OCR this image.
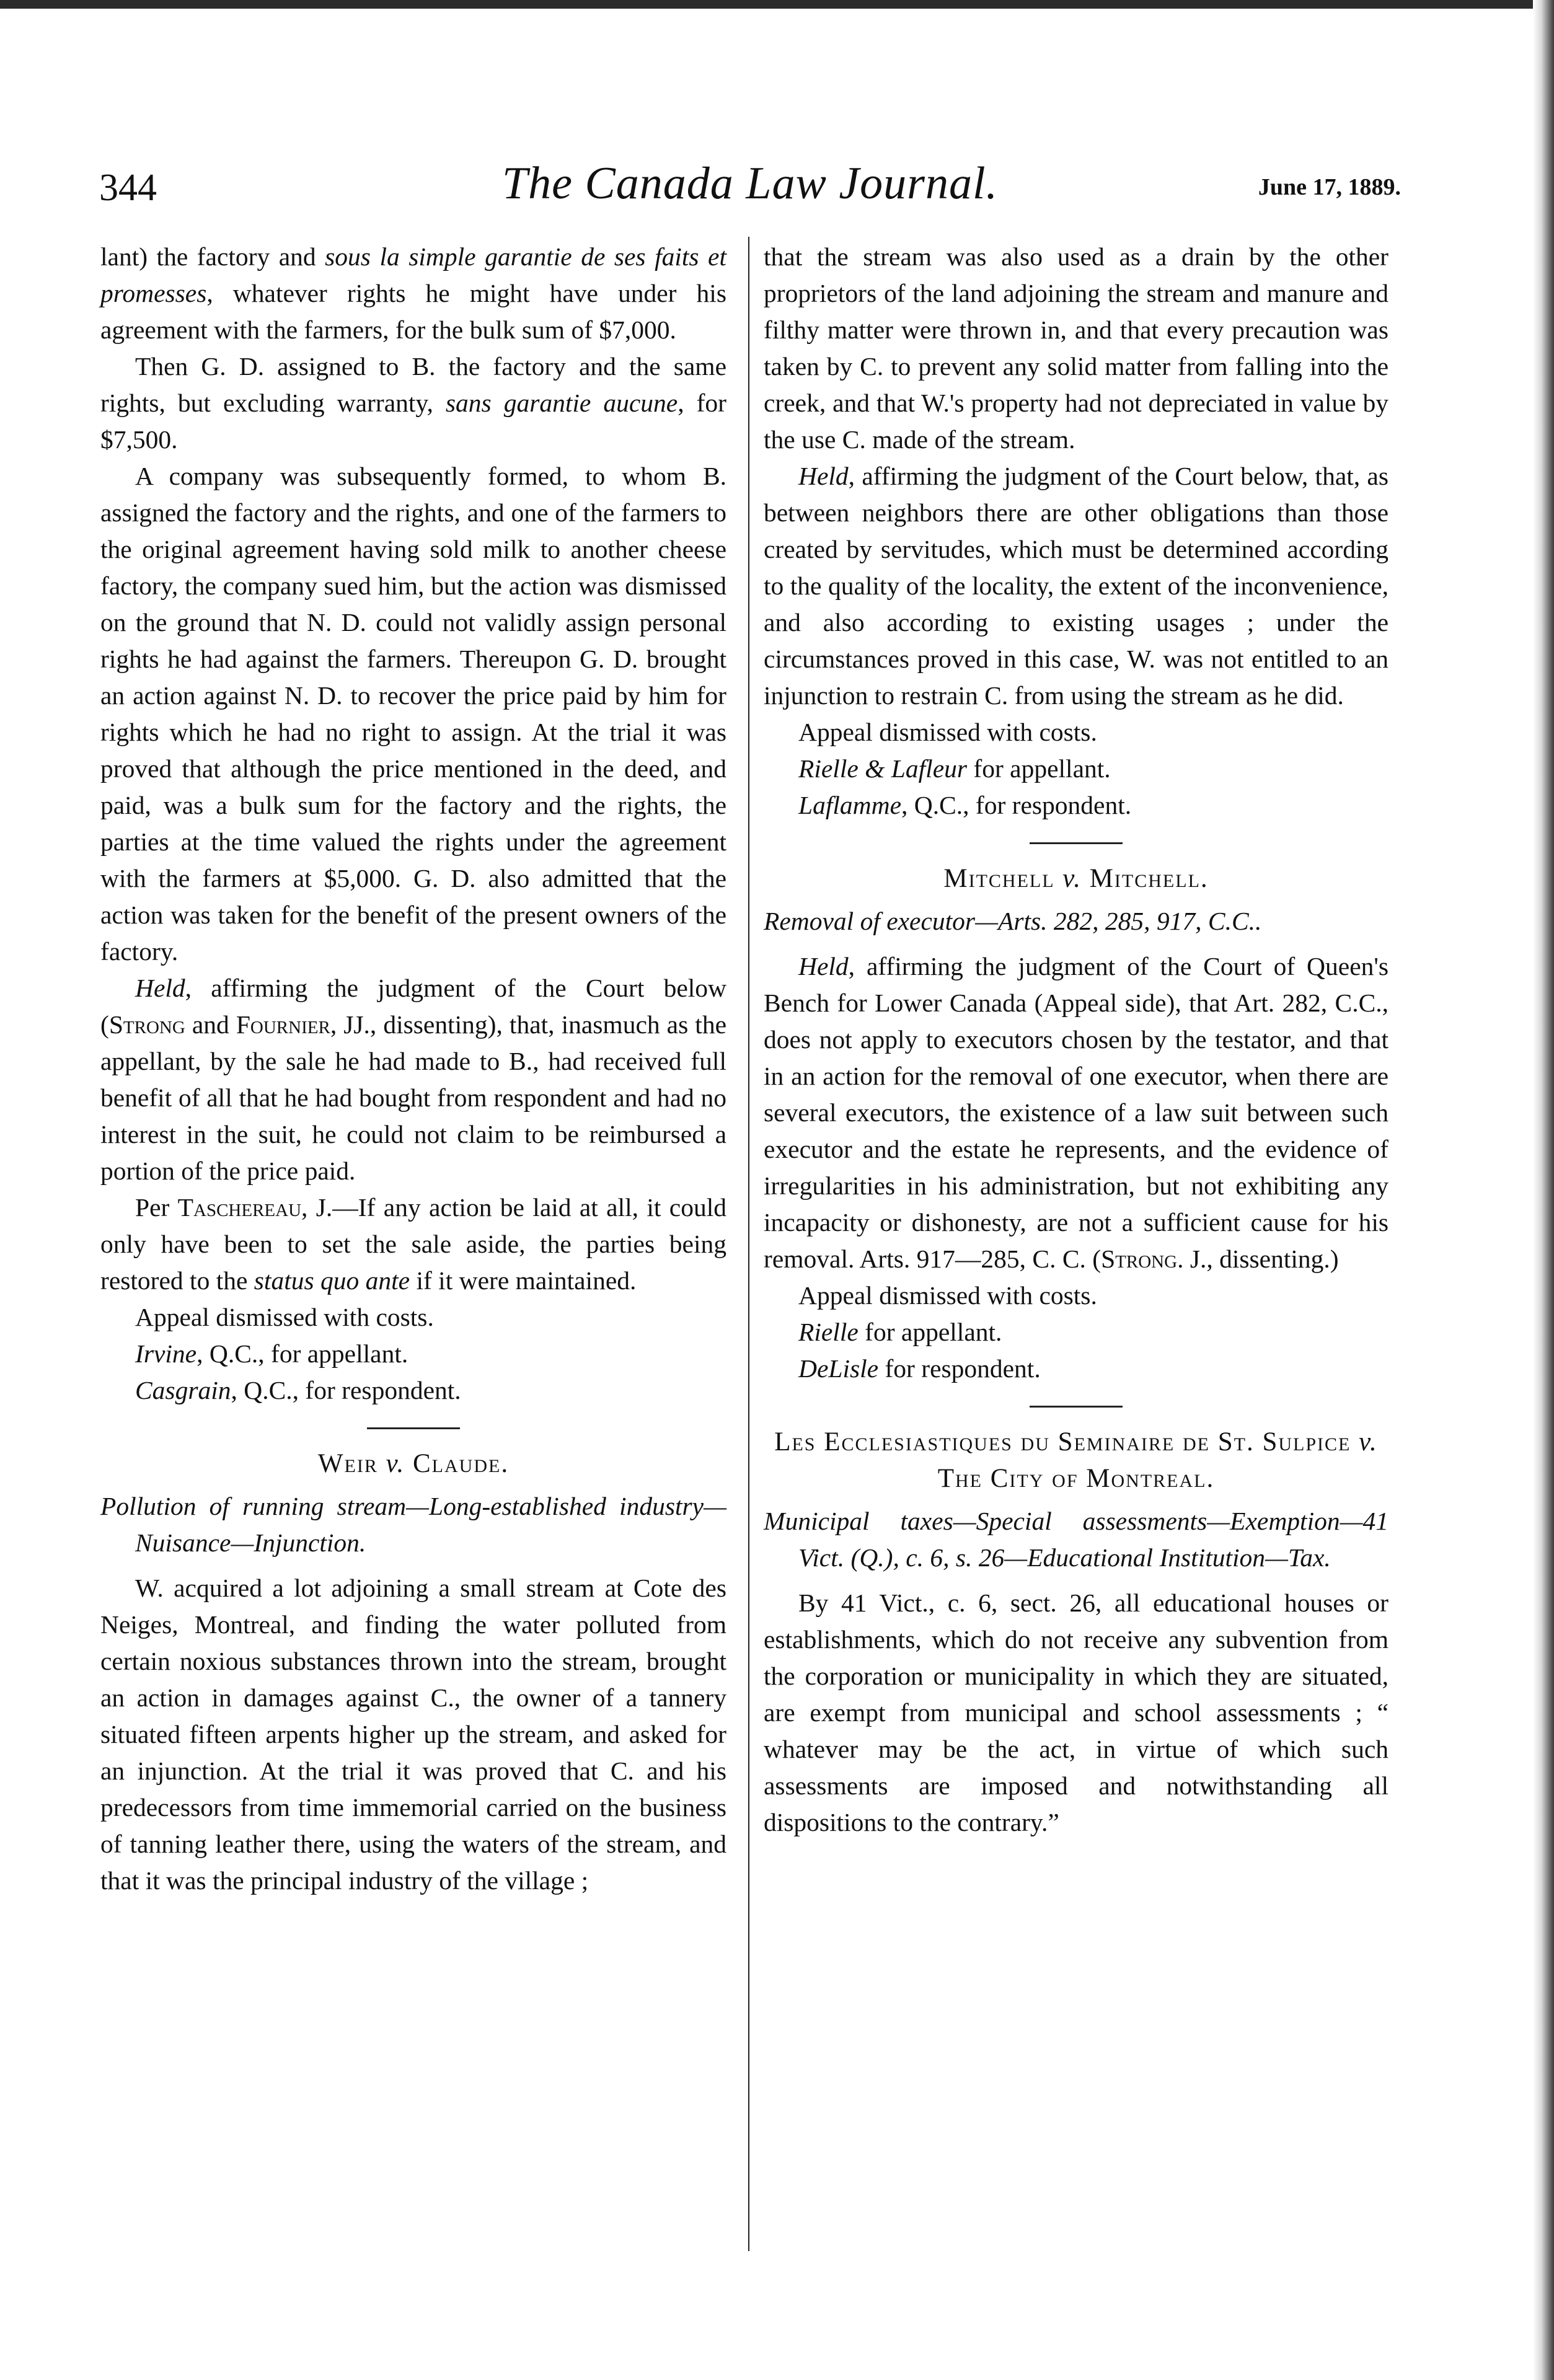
344	The Canada Law Journal.	June 17, 1889.

lant) the factory and sous la simple garantie de ses faits et promesses, whatever rights he might have under his agreement with the farmers, for the bulk sum of $7,000.

Then G. D. assigned to B. the factory and the same rights, but excluding warranty, sans garantie aucune, for $7,500.

A company was subsequently formed, to whom B. assigned the factory and the rights, and one of the farmers to the original agreement having sold milk to another cheese factory, the company sued him, but the action was dismissed on the ground that N. D. could not validly assign personal rights he had against the farmers. Thereupon G. D. brought an action against N. D. to recover the price paid by him for rights which he had no right to assign. At the trial it was proved that although the price mentioned in the deed, and paid, was a bulk sum for the factory and the rights, the parties at the time valued the rights under the agreement with the farmers at $5,000. G. D. also admitted that the action was taken for the benefit of the present owners of the factory.

Held, affirming the judgment of the Court below (Strong and Fournier, JJ., dissenting), that, inasmuch as the appellant, by the sale he had made to B., had received full benefit of all that he had bought from respondent and had no interest in the suit, he could not claim to be reimbursed a portion of the price paid.

Per Taschereau, J.—If any action be laid at all, it could only have been to set the sale aside, the parties being restored to the status quo ante if it were maintained.

Appeal dismissed with costs.

Irvine, Q.C., for appellant.

Casgrain, Q.C., for respondent.

Weir v. Claude.

Pollution of running stream—Long-established industry—Nuisance—Injunction.

W. acquired a lot adjoining a small stream at Cote des Neiges, Montreal, and finding the water polluted from certain noxious substances thrown into the stream, brought an action in damages against C., the owner of a tannery situated fifteen arpents higher up the stream, and asked for an injunction. At the trial it was proved that C. and his predecessors from time immemorial carried on the business of tanning leather there, using the waters of the stream, and that it was the principal industry of the village ;

that the stream was also used as a drain by the other proprietors of the land adjoining the stream and manure and filthy matter were thrown in, and that every precaution was taken by C. to prevent any solid matter from falling into the creek, and that W.'s property had not depreciated in value by the use C. made of the stream.

Held, affirming the judgment of the Court below, that, as between neighbors there are other obligations than those created by servitudes, which must be determined according to the quality of the locality, the extent of the inconvenience, and also according to existing usages ; under the circumstances proved in this case, W. was not entitled to an injunction to restrain C. from using the stream as he did.

Appeal dismissed with costs.

Rielle & Lafleur for appellant.

Laflamme, Q.C., for respondent.

Mitchell v. Mitchell.

Removal of executor—Arts. 282, 285, 917, C.C..

Held, affirming the judgment of the Court of Queen's Bench for Lower Canada (Appeal side), that Art. 282, C.C., does not apply to executors chosen by the testator, and that in an action for the removal of one executor, when there are several executors, the existence of a law suit between such executor and the estate he represents, and the evidence of irregularities in his administration, but not exhibiting any incapacity or dishonesty, are not a sufficient cause for his removal. Arts. 917—285, C. C. (Strong. J., dissenting.)

Appeal dismissed with costs.

Rielle for appellant.

DeLisle for respondent.

Les Ecclesiastiques du Seminaire de St. Sulpice v. The City of Montreal.

Municipal taxes—Special assessments—Exemption—41 Vict. (Q.), c. 6, s. 26—Educational Institution—Tax.

By 41 Vict., c. 6, sect. 26, all educational houses or establishments, which do not receive any subvention from the corporation or municipality in which they are situated, are exempt from municipal and school assessments ; “ whatever may be the act, in virtue of which such assessments are imposed and notwithstanding all dispositions to the contrary.”
